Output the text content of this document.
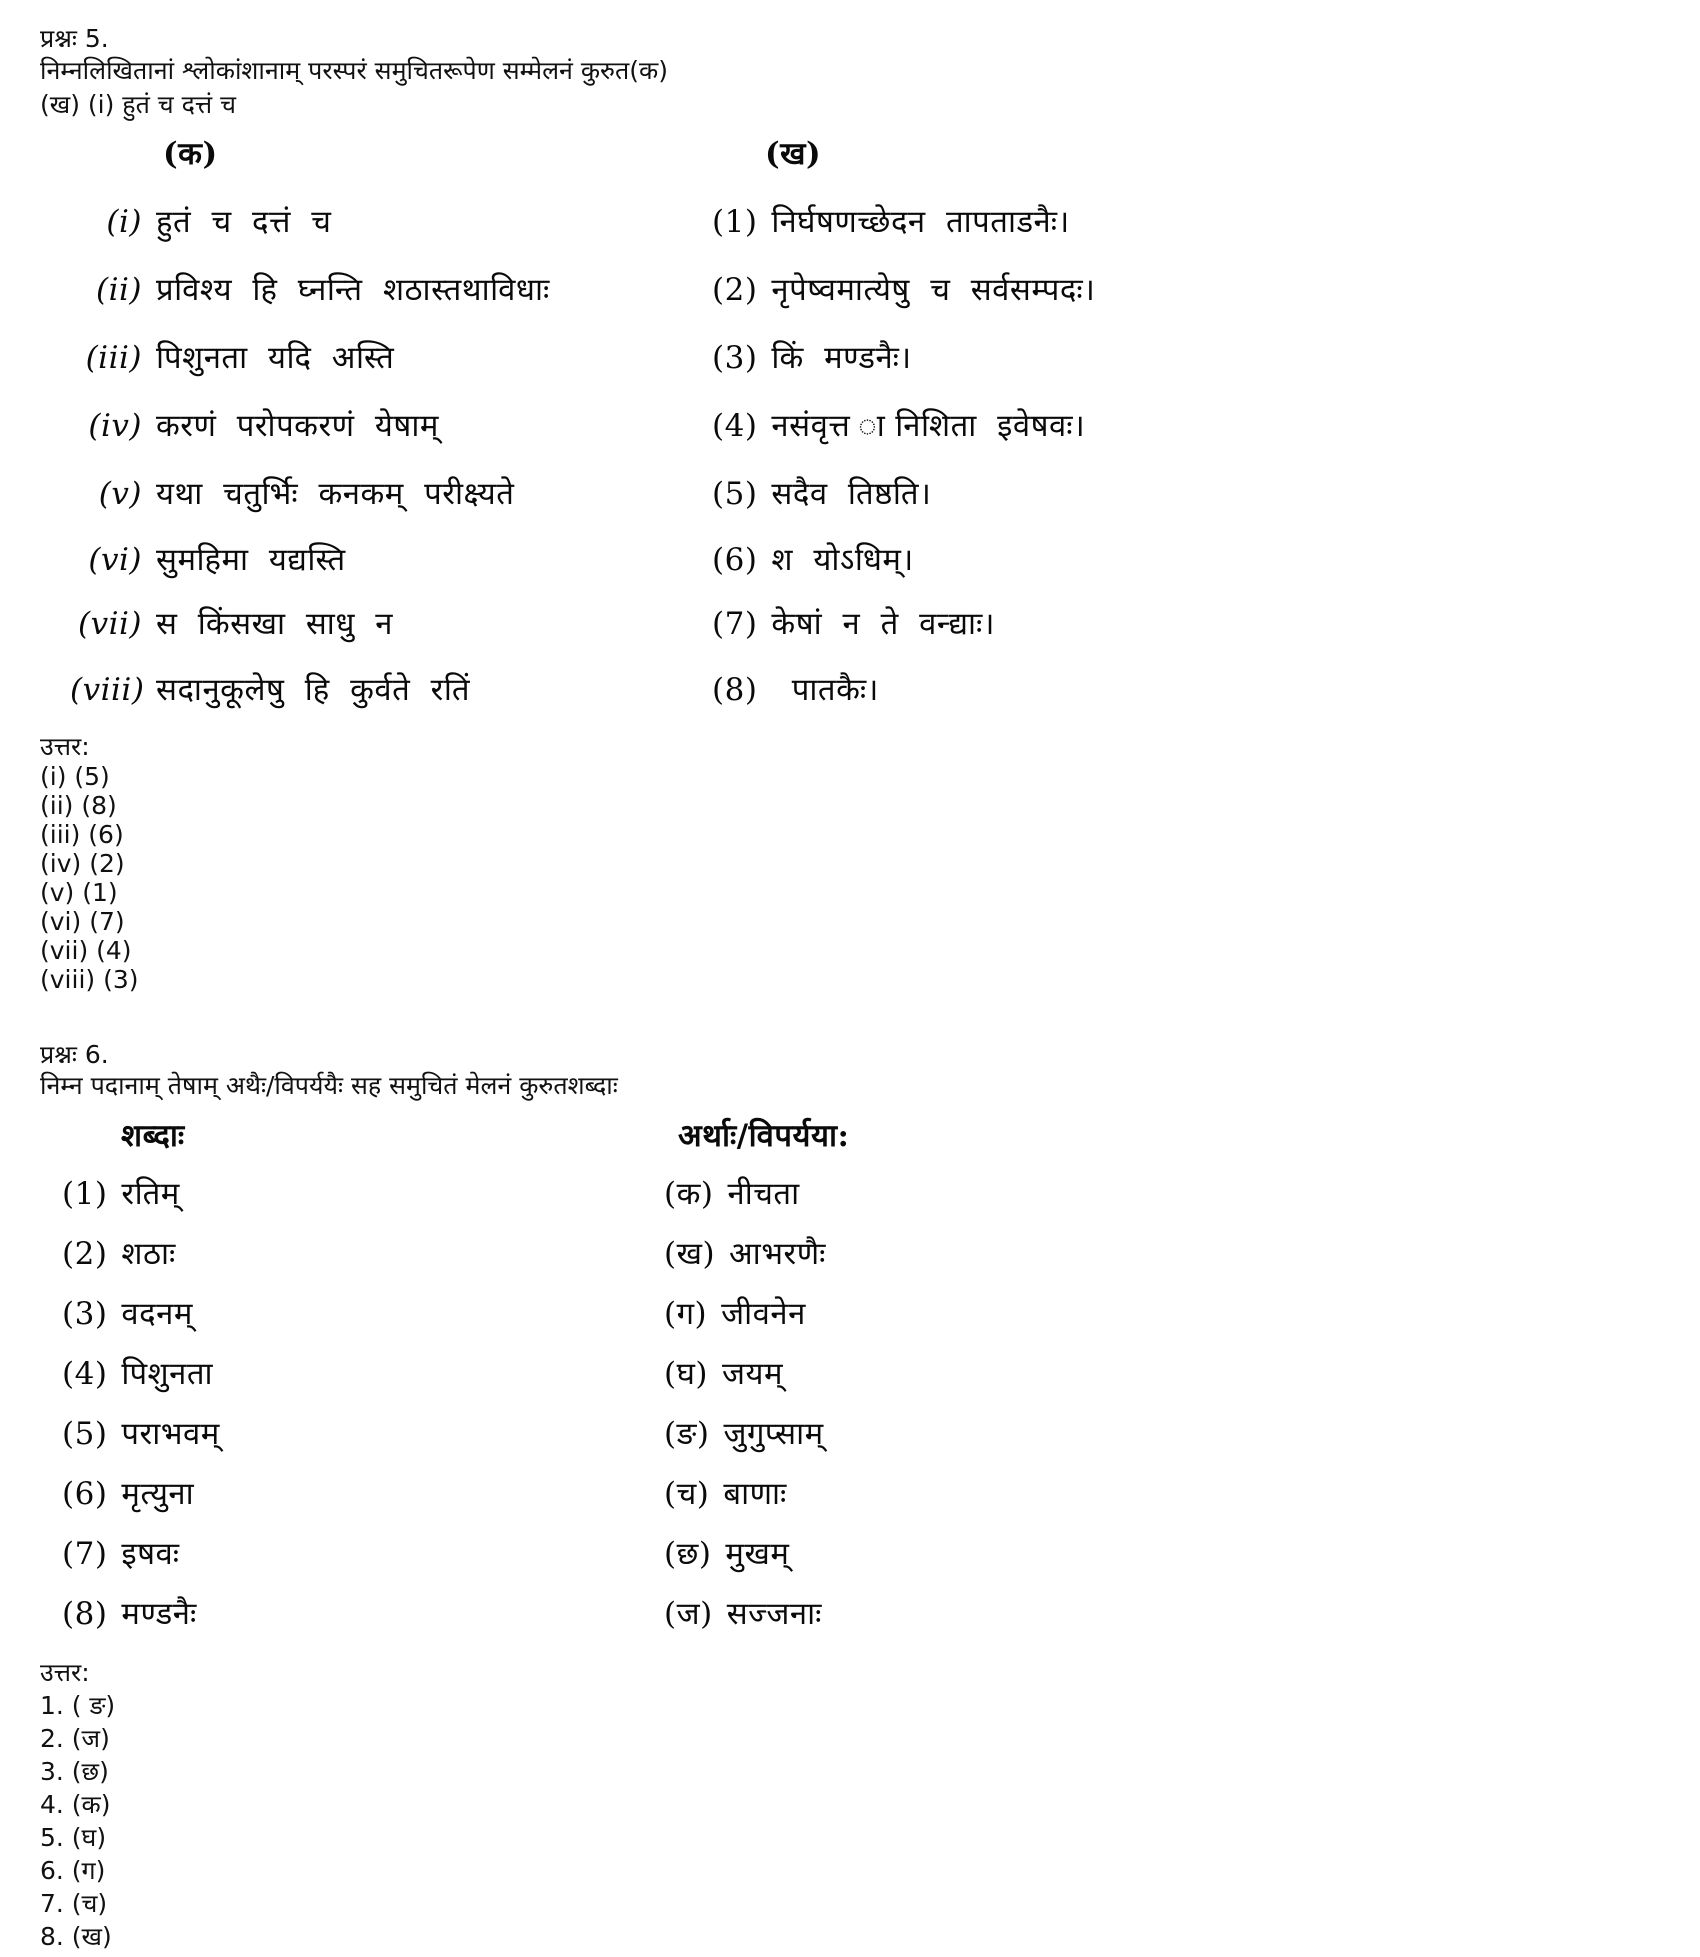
प्रश्नः 5.
निम्नलिखितानां श्लोकांशानाम् परस्परं समुचितरूपेण सम्मेलनं कुरुत(क)
(ख) (i) हुतं च दत्तं च
(क)	(ख)
(i) हुतं च दत्तं च	(1) निर्घषणच्छेदन तापताडनैः।
(ii) प्रविश्य हि घ्नन्ति शठास्तथाविधाः	(2) नृपेष्वमात्येषु च सर्वसम्पदः।
(iii) पिशुनता यदि अस्ति	(3) किं मण्डनैः।
(iv) करणं परोपकरणं येषाम्	(4) नसंवृत्त ानिशिता इवेषवः।
(v) यथा चतुर्भिः कनकम् परीक्ष्यते	(5) सदैव तिष्ठति।
(vi) सुमहिमा यद्यस्ति	(6) श योऽधिम्।
(vii) स किंसखा साधु न	(7) केषां न ते वन्द्याः।
(viii) सदानुकूलेषु हि कुर्वते रतिं	(8) पातकैः।
उत्तर:
(i) (5)
(ii) (8)
(iii) (6)
(iv) (2)
(v) (1)
(vi) (7)
(vii) (4)
(viii) (3)
प्रश्नः 6.
निम्न पदानाम् तेषाम् अथैः/विपर्ययैः सह समुचितं मेलनं कुरुतशब्दाः
शब्दाः	अर्थाः/विपर्यया:
(1) रतिम्	(क) नीचता
(2) शठाः	(ख) आभरणैः
(3) वदनम्	(ग) जीवनेन
(4) पिशुनता	(घ) जयम्
(5) पराभवम्	(ङ) जुगुप्साम्
(6) मृत्युना	(च) बाणाः
(7) इषवः	(छ) मुखम्
(8) मण्डनैः	(ज) सज्जनाः
उत्तर:
1. ( ङ)
2. (ज)
3. (छ)
4. (क)
5. (घ)
6. (ग)
7. (च)
8. (ख)
